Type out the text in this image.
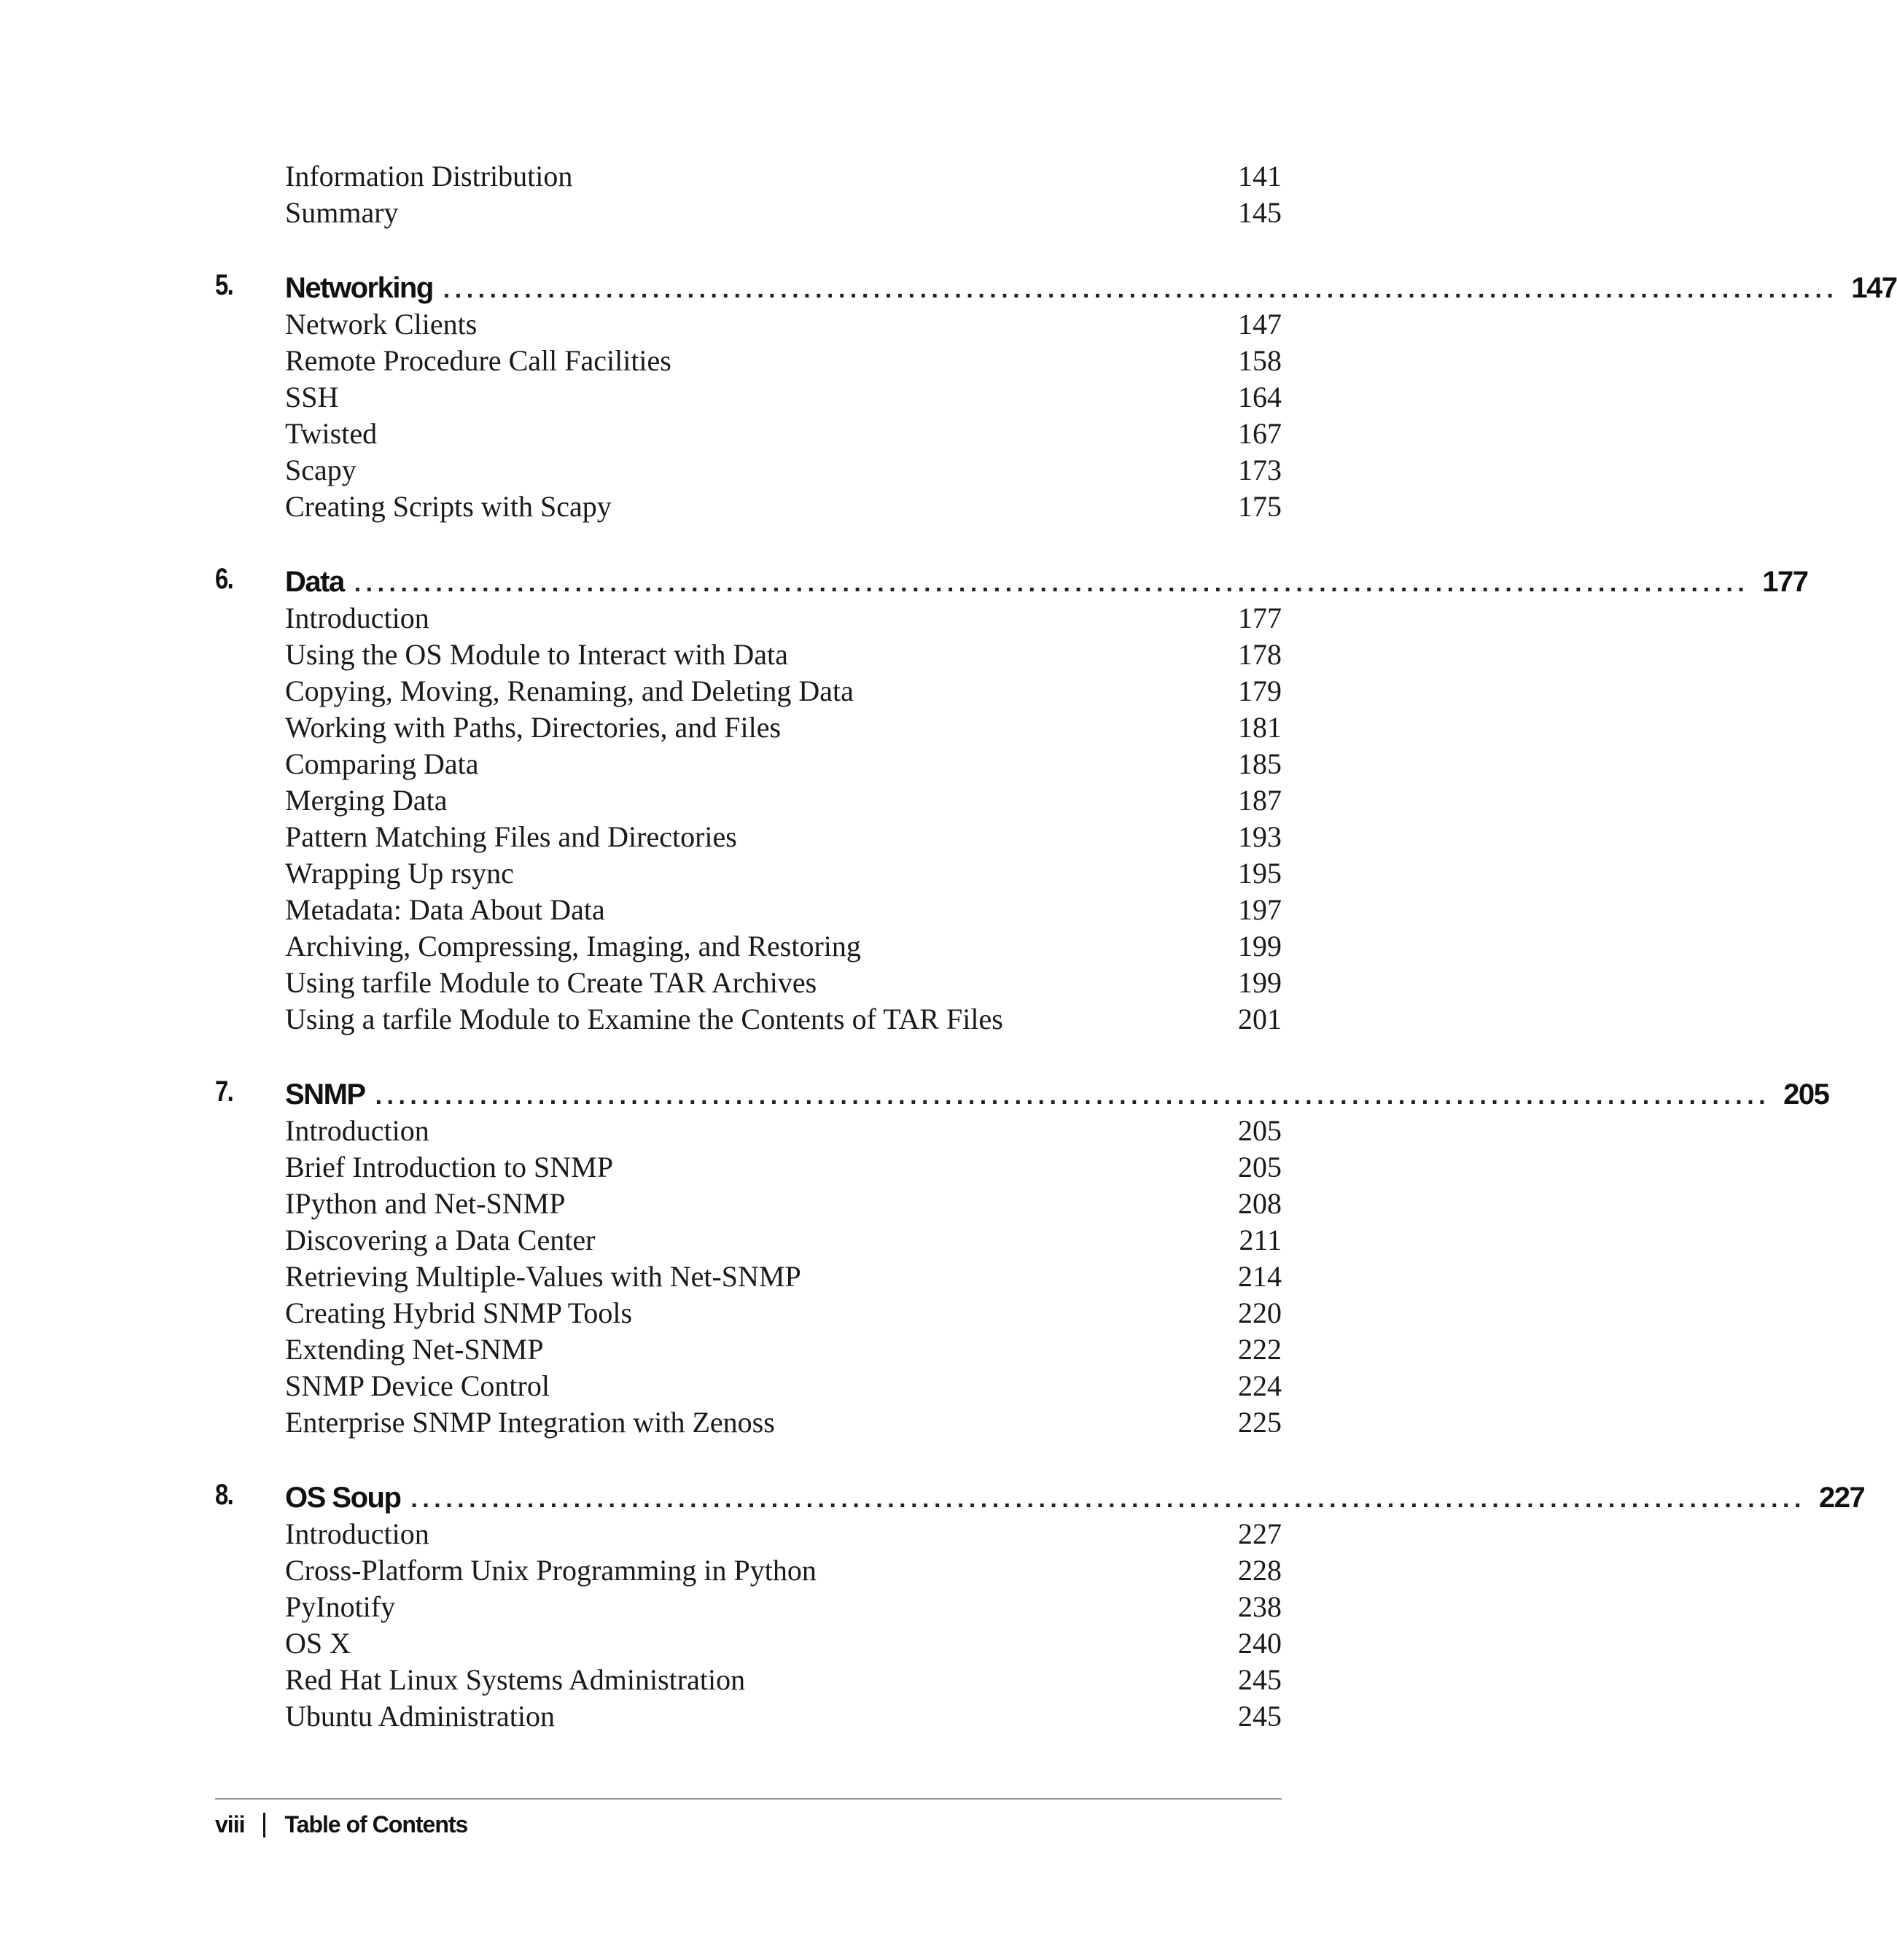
Information Distribution	141
Summary	145
5.	Networking ........................................................................................................................ 147
Network Clients	147
Remote Procedure Call Facilities	158
SSH	164
Twisted	167
Scapy	173
Creating Scripts with Scapy	175
6.	Data ........................................................................................................................ 177
Introduction	177
Using the OS Module to Interact with Data	178
Copying, Moving, Renaming, and Deleting Data	179
Working with Paths, Directories, and Files	181
Comparing Data	185
Merging Data	187
Pattern Matching Files and Directories	193
Wrapping Up rsync	195
Metadata: Data About Data	197
Archiving, Compressing, Imaging, and Restoring	199
Using tarfile Module to Create TAR Archives	199
Using a tarfile Module to Examine the Contents of TAR Files	201
7.	SNMP ........................................................................................................................ 205
Introduction	205
Brief Introduction to SNMP	205
IPython and Net-SNMP	208
Discovering a Data Center	211
Retrieving Multiple-Values with Net-SNMP	214
Creating Hybrid SNMP Tools	220
Extending Net-SNMP	222
SNMP Device Control	224
Enterprise SNMP Integration with Zenoss	225
8.	OS Soup ........................................................................................................................ 227
Introduction	227
Cross-Platform Unix Programming in Python	228
PyInotify	238
OS X	240
Red Hat Linux Systems Administration	245
Ubuntu Administration	245
viii Table of Contents
